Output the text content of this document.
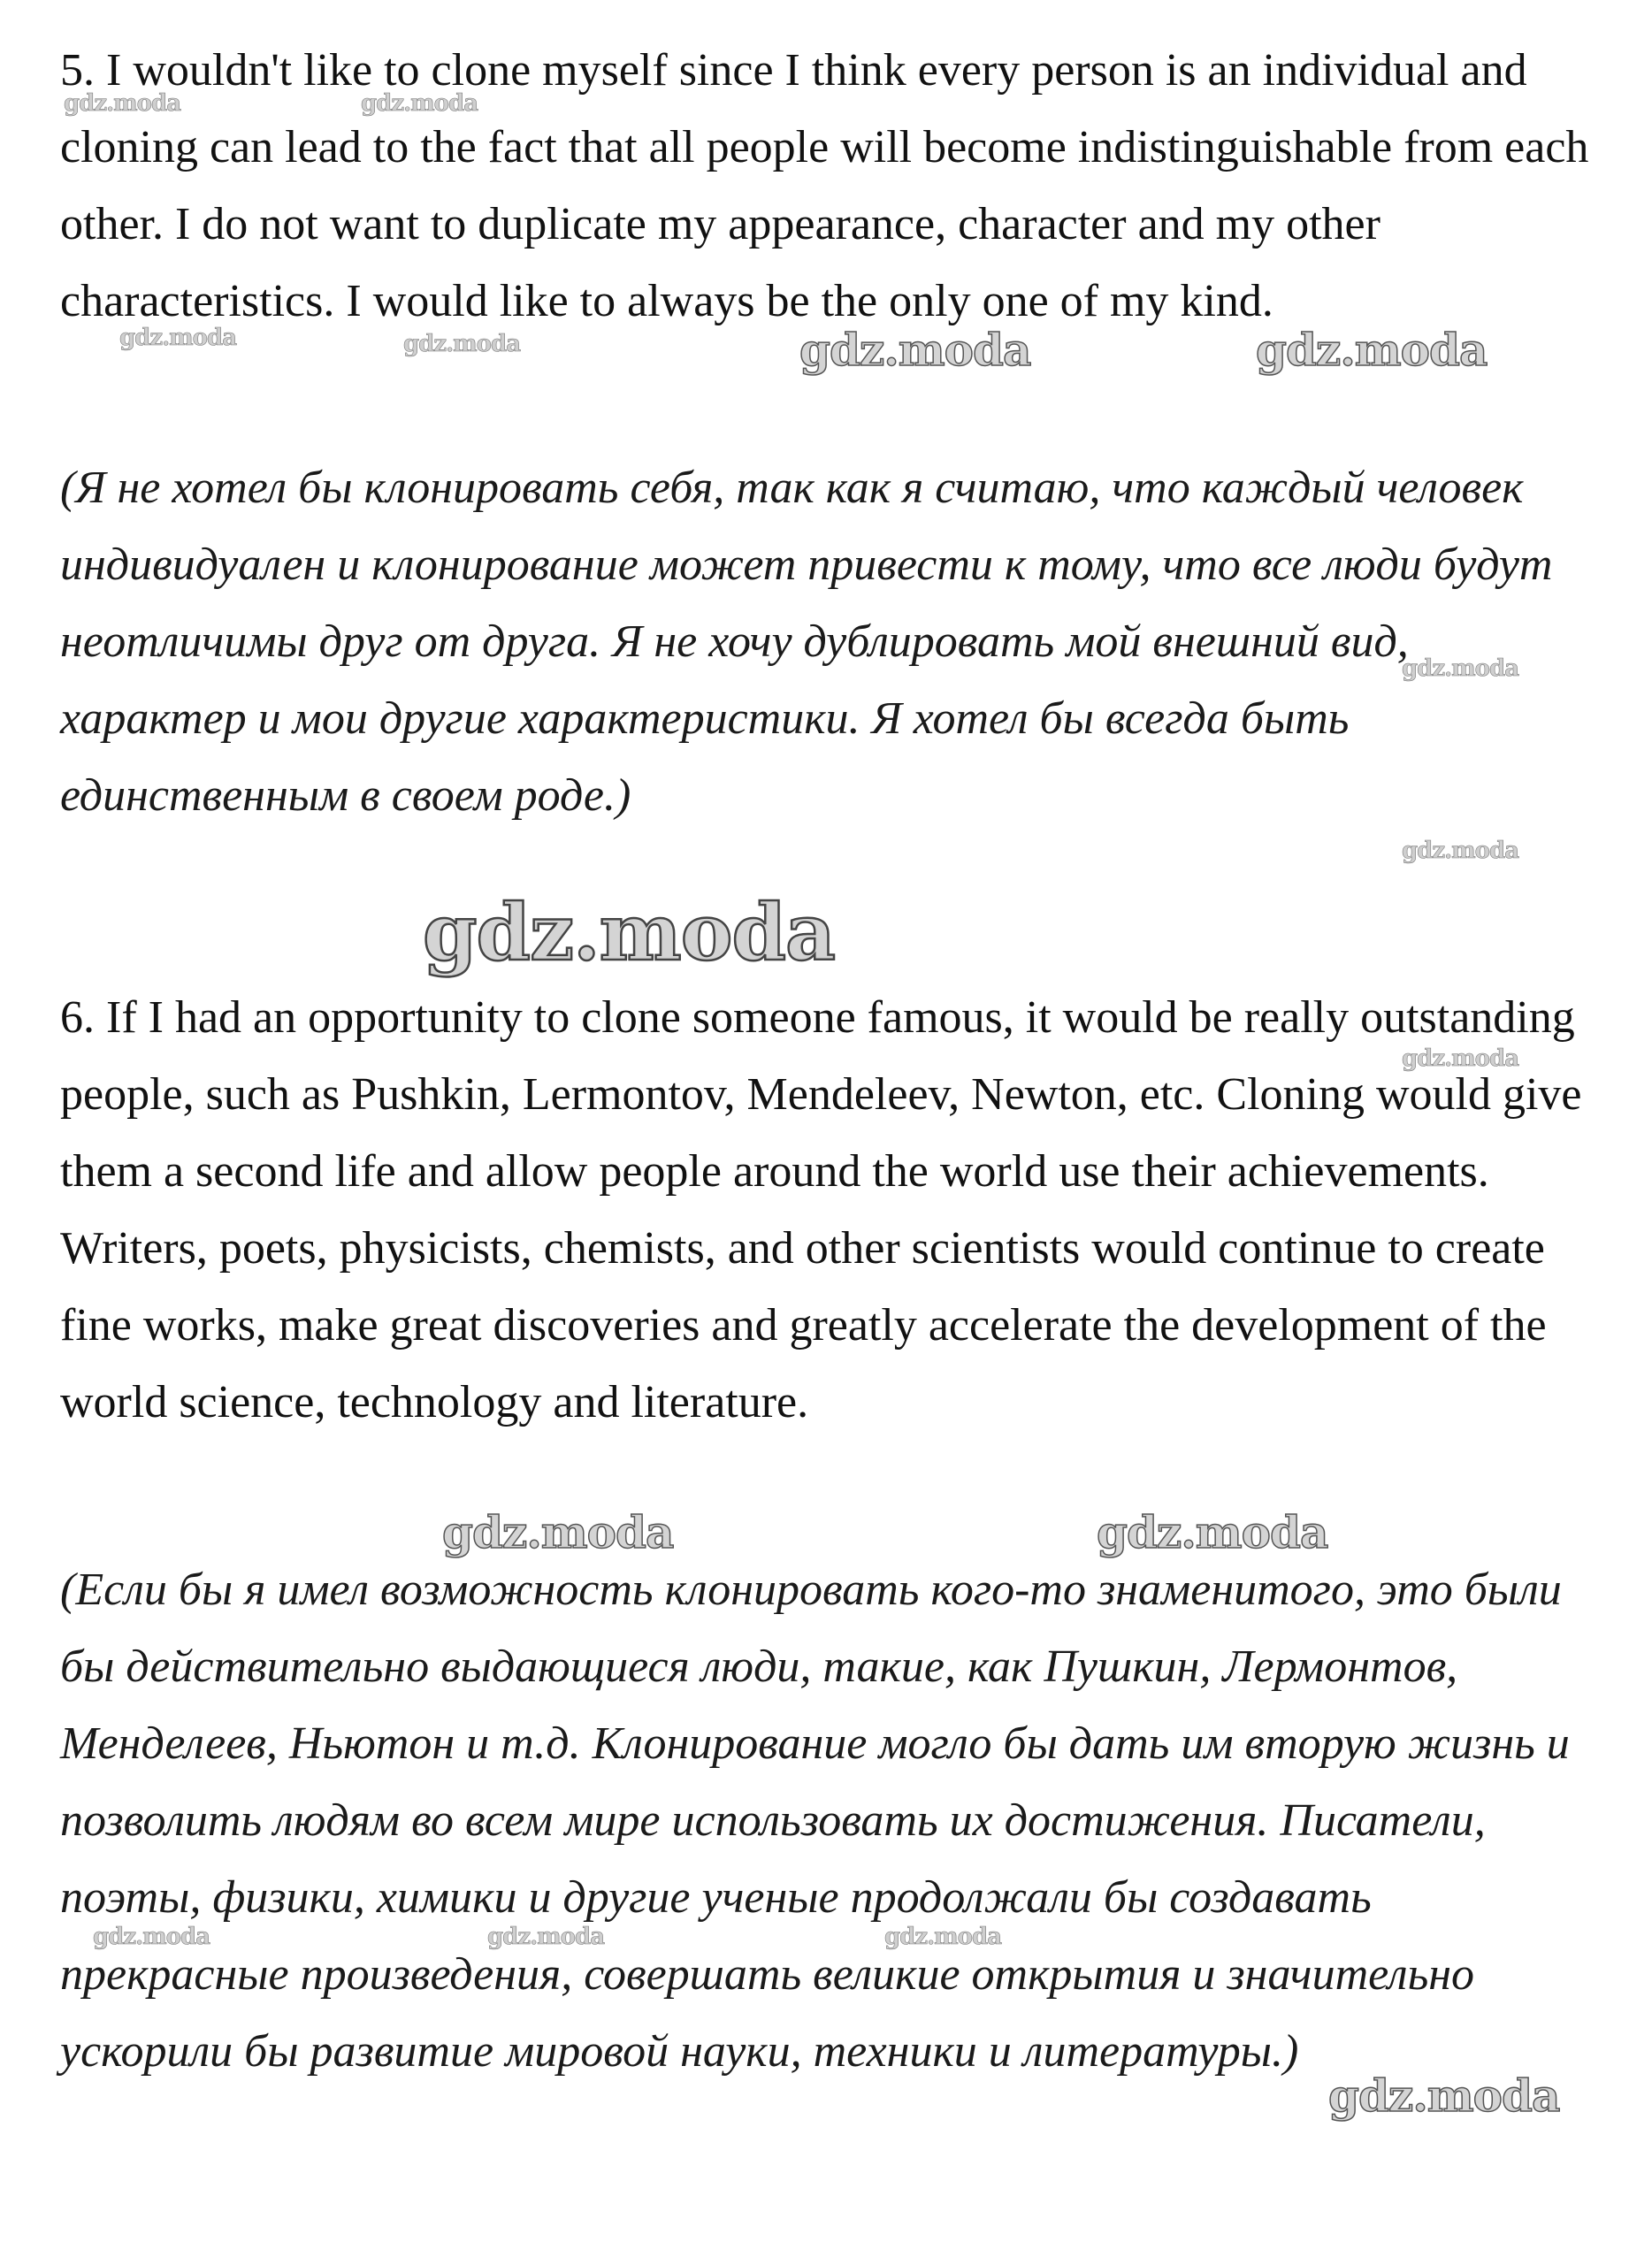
5. I wouldn't like to clone myself since I think every person is an individual and cloning can lead to the fact that all people will become indistinguishable from each other. I do not want to duplicate my appearance, character and my other characteristics. I would like to always be the only one of my kind.

(Я не хотел бы клонировать себя, так как я считаю, что каждый человек индивидуален и клонирование может привести к тому, что все люди будут неотличимы друг от друга. Я не хочу дублировать мой внешний вид, характер и мои другие характеристики. Я хотел бы всегда быть единственным в своем роде.)

6. If I had an opportunity to clone someone famous, it would be really outstanding people, such as Pushkin, Lermontov, Mendeleev, Newton, etc. Cloning would give them a second life and allow people around the world use their achievements. Writers, poets, physicists, chemists, and other scientists would continue to create fine works, make great discoveries and greatly accelerate the development of the world science, technology and literature.

(Если бы я имел возможность клонировать кого-то знаменитого, это были бы действительно выдающиеся люди, такие, как Пушкин, Лермонтов, Менделеев, Ньютон и т.д. Клонирование могло бы дать им вторую жизнь и позволить людям во всем мире использовать их достижения. Писатели, поэты, физики, химики и другие ученые продолжали бы создавать прекрасные произведения, совершать великие открытия и значительно ускорили бы развитие мировой науки, техники и литературы.)

gdz.moda	gdz.moda
gdz.moda	gdz.moda	gdz.moda	gdz.moda
gdz.moda
gdz.moda
gdz.moda
gdz.moda
gdz.moda	gdz.moda
gdz.moda	gdz.moda	gdz.moda
gdz.moda
